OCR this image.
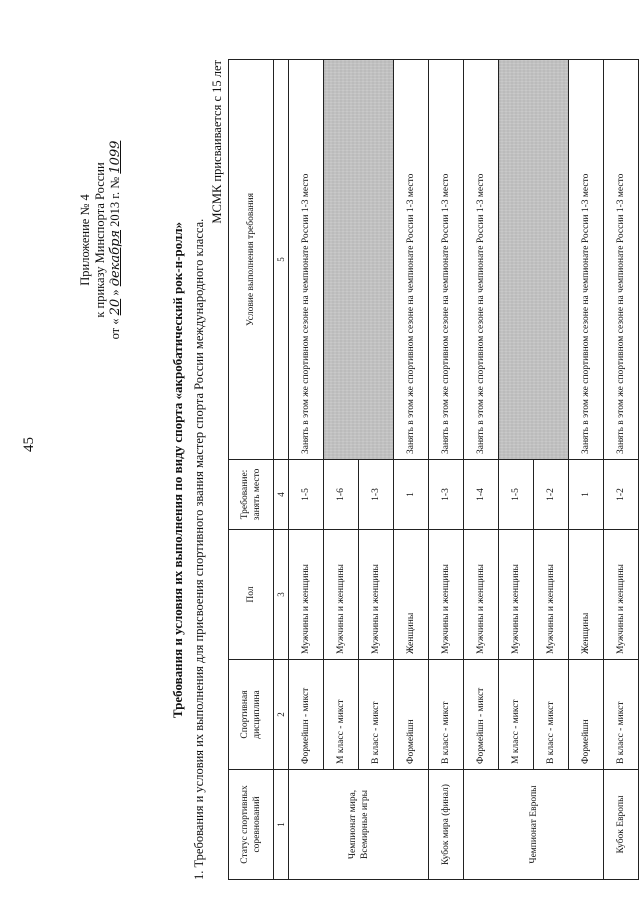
45
Приложение № 4 к приказу Минспорта России
от « 20 » декабря 2013 г. № 1099
Требования и условия их выполнения по виду спорта «акробатический рок-н-ролл» 1. Требования и условия их выполнения для присвоения спортивного звания мастер спорта России международного класса.
МСМК присваивается с 15 лет
Статус спортивных соревнований	Спортивная дисциплина	Пол	Требование: занять место	Условие выполнения требования
1	2	3	4	5
Чемпионат мира, Всемирные игры	Формейшн - микст	Мужчины и женщины	1-5	Занять в этом же спортивном сезоне на чемпионате России 1-3 место
	М класс - микст	Мужчины и женщины	1-6	
	В класс - микст	Мужчины и женщины	1-3	
	Формейшн	Женщины	1	Занять в этом же спортивном сезоне на чемпионате России 1-3 место
Кубок мира (финал)	В класс - микст	Мужчины и женщины	1-3	Занять в этом же спортивном сезоне на чемпионате России 1-3 место
Чемпионат Европы	Формейшн - микст	Мужчины и женщины	1-4	Занять в этом же спортивном сезоне на чемпионате России 1-3 место
	М класс - микст	Мужчины и женщины	1-5	
	В класс - микст	Мужчины и женщины	1-2	
	Формейшн	Женщины	1	Занять в этом же спортивном сезоне на чемпионате России 1-3 место
Кубок Европы	В класс - микст	Мужчины и женщины	1-2	Занять в этом же спортивном сезоне на чемпионате России 1-3 место
